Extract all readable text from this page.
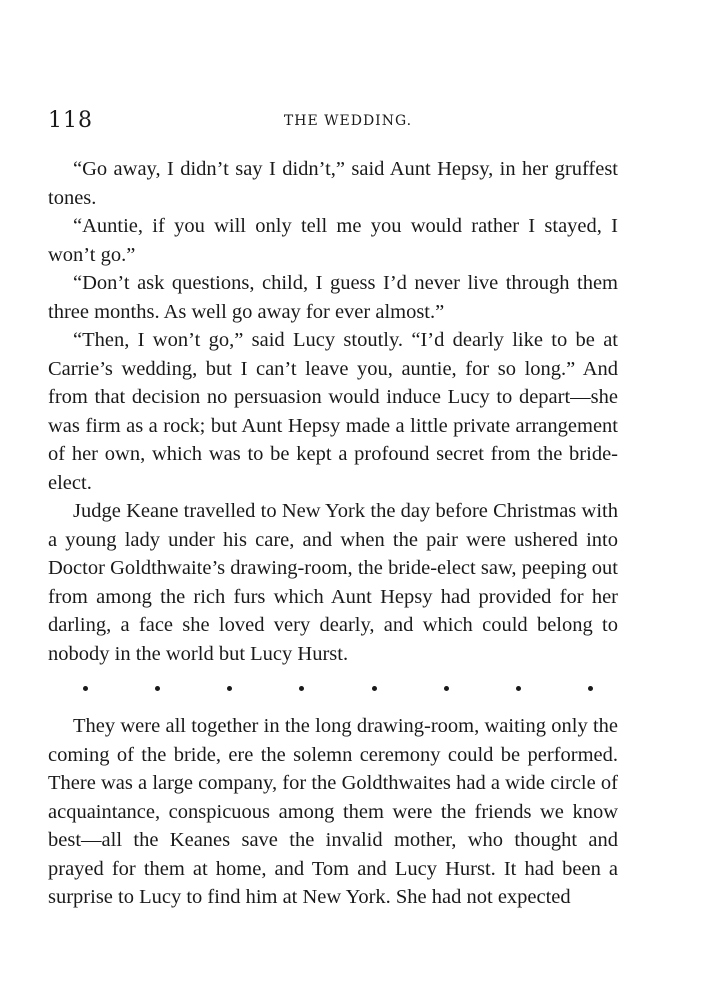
118	THE WEDDING.

“Go away, I didn’t say I didn’t,” said Aunt Hepsy, in her gruffest tones.

“Auntie, if you will only tell me you would rather I stayed, I won’t go.”

“Don’t ask questions, child, I guess I’d never live through them three months. As well go away for ever almost.”

“Then, I won’t go,” said Lucy stoutly. “I’d dearly like to be at Carrie’s wedding, but I can’t leave you, auntie, for so long.” And from that decision no persuasion would induce Lucy to depart—she was firm as a rock; but Aunt Hepsy made a little private arrangement of her own, which was to be kept a profound secret from the bride-elect.

Judge Keane travelled to New York the day before Christmas with a young lady under his care, and when the pair were ushered into Doctor Goldthwaite’s drawing-room, the bride-elect saw, peeping out from among the rich furs which Aunt Hepsy had provided for her darling, a face she loved very dearly, and which could belong to nobody in the world but Lucy Hurst.

They were all together in the long drawing-room, waiting only the coming of the bride, ere the solemn ceremony could be performed. There was a large company, for the Goldthwaites had a wide circle of acquaintance, conspicuous among them were the friends we know best—all the Keanes save the invalid mother, who thought and prayed for them at home, and Tom and Lucy Hurst. It had been a surprise to Lucy to find him at New York. She had not expected
